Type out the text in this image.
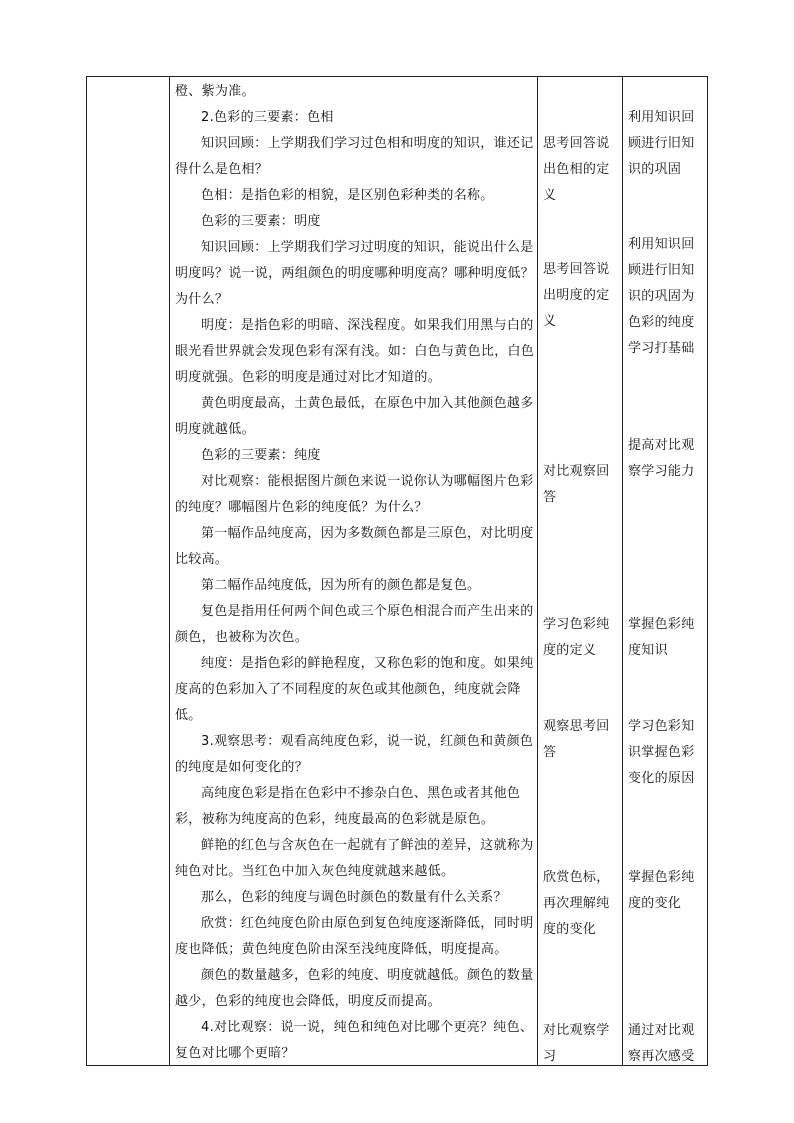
橙、紫为准。

2.色彩的三要素：色相

知识回顾：上学期我们学习过色相和明度的知识，谁还记得什么是色相？

色相：是指色彩的相貌，是区别色彩种类的名称。

色彩的三要素：明度

知识回顾：上学期我们学习过明度的知识，能说出什么是明度吗？说一说，两组颜色的明度哪种明度高？哪种明度低？为什么？

明度：是指色彩的明暗、深浅程度。如果我们用黑与白的眼光看世界就会发现色彩有深有浅。如：白色与黄色比，白色明度就强。色彩的明度是通过对比才知道的。

黄色明度最高，土黄色最低，在原色中加入其他颜色越多明度就越低。

色彩的三要素：纯度

对比观察：能根据图片颜色来说一说你认为哪幅图片色彩的纯度？哪幅图片色彩的纯度低？为什么？

第一幅作品纯度高，因为多数颜色都是三原色，对比明度比较高。

第二幅作品纯度低，因为所有的颜色都是复色。

复色是指用任何两个间色或三个原色相混合而产生出来的颜色，也被称为次色。

纯度：是指色彩的鲜艳程度，又称色彩的饱和度。如果纯度高的色彩加入了不同程度的灰色或其他颜色，纯度就会降低。

3.观察思考：观看高纯度色彩，说一说，红颜色和黄颜色的纯度是如何变化的？

高纯度色彩是指在色彩中不掺杂白色、黑色或者其他色彩，被称为纯度高的色彩，纯度最高的色彩就是原色。

鲜艳的红色与含灰色在一起就有了鲜浊的差异，这就称为纯色对比。当红色中加入灰色纯度就越来越低。

那么，色彩的纯度与调色时颜色的数量有什么关系？

欣赏：红色纯度色阶由原色到复色纯度逐渐降低，同时明度也降低；黄色纯度色阶由深至浅纯度降低，明度提高。

颜色的数量越多，色彩的纯度、明度就越低。颜色的数量越少，色彩的纯度也会降低，明度反而提高。

4.对比观察：说一说，纯色和纯色对比哪个更亮？纯色、复色对比哪个更暗？

思考回答说
出色相的定
义
思考回答说
出明度的定
义
对比观察回
答
学习色彩纯
度的定义
观察思考回
答
欣赏色标，
再次理解纯
度的变化
对比观察学
习
利用知识回
顾进行旧知
识的巩固
利用知识回
顾进行旧知
识的巩固为
色彩的纯度
学习打基础
提高对比观
察学习能力
掌握色彩纯
度知识
学习色彩知
识掌握色彩
变化的原因
掌握色彩纯
度的变化
通过对比观
察再次感受
